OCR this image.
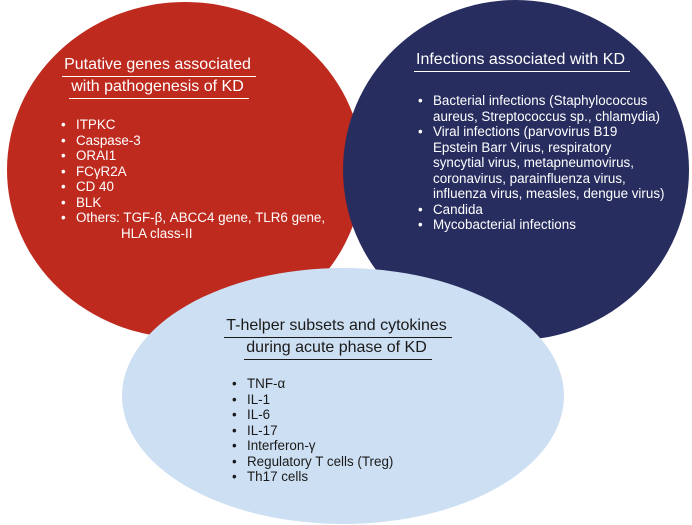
Putative genes associated
with pathogenesis of KD
• ITPKC
• Caspase-3
• ORAI1
• FCγR2A
• CD 40
• BLK
• Others: TGF-β, ABCC4 gene, TLR6 gene,
HLA class-II
Infections associated with KD
• Bacterial infections (Staphylococcus aureus, Streptococcus sp., chlamydia)
• Viral infections (parvovirus B19 Epstein Barr Virus, respiratory syncytial virus, metapneumovirus, coronavirus, parainfluenza virus, influenza virus, measles, dengue virus)
• Candida
• Mycobacterial infections
T-helper subsets and cytokines
during acute phase of KD
• TNF-α
• IL-1
• IL-6
• IL-17
• Interferon-γ
• Regulatory T cells (Treg)
• Th17 cells
